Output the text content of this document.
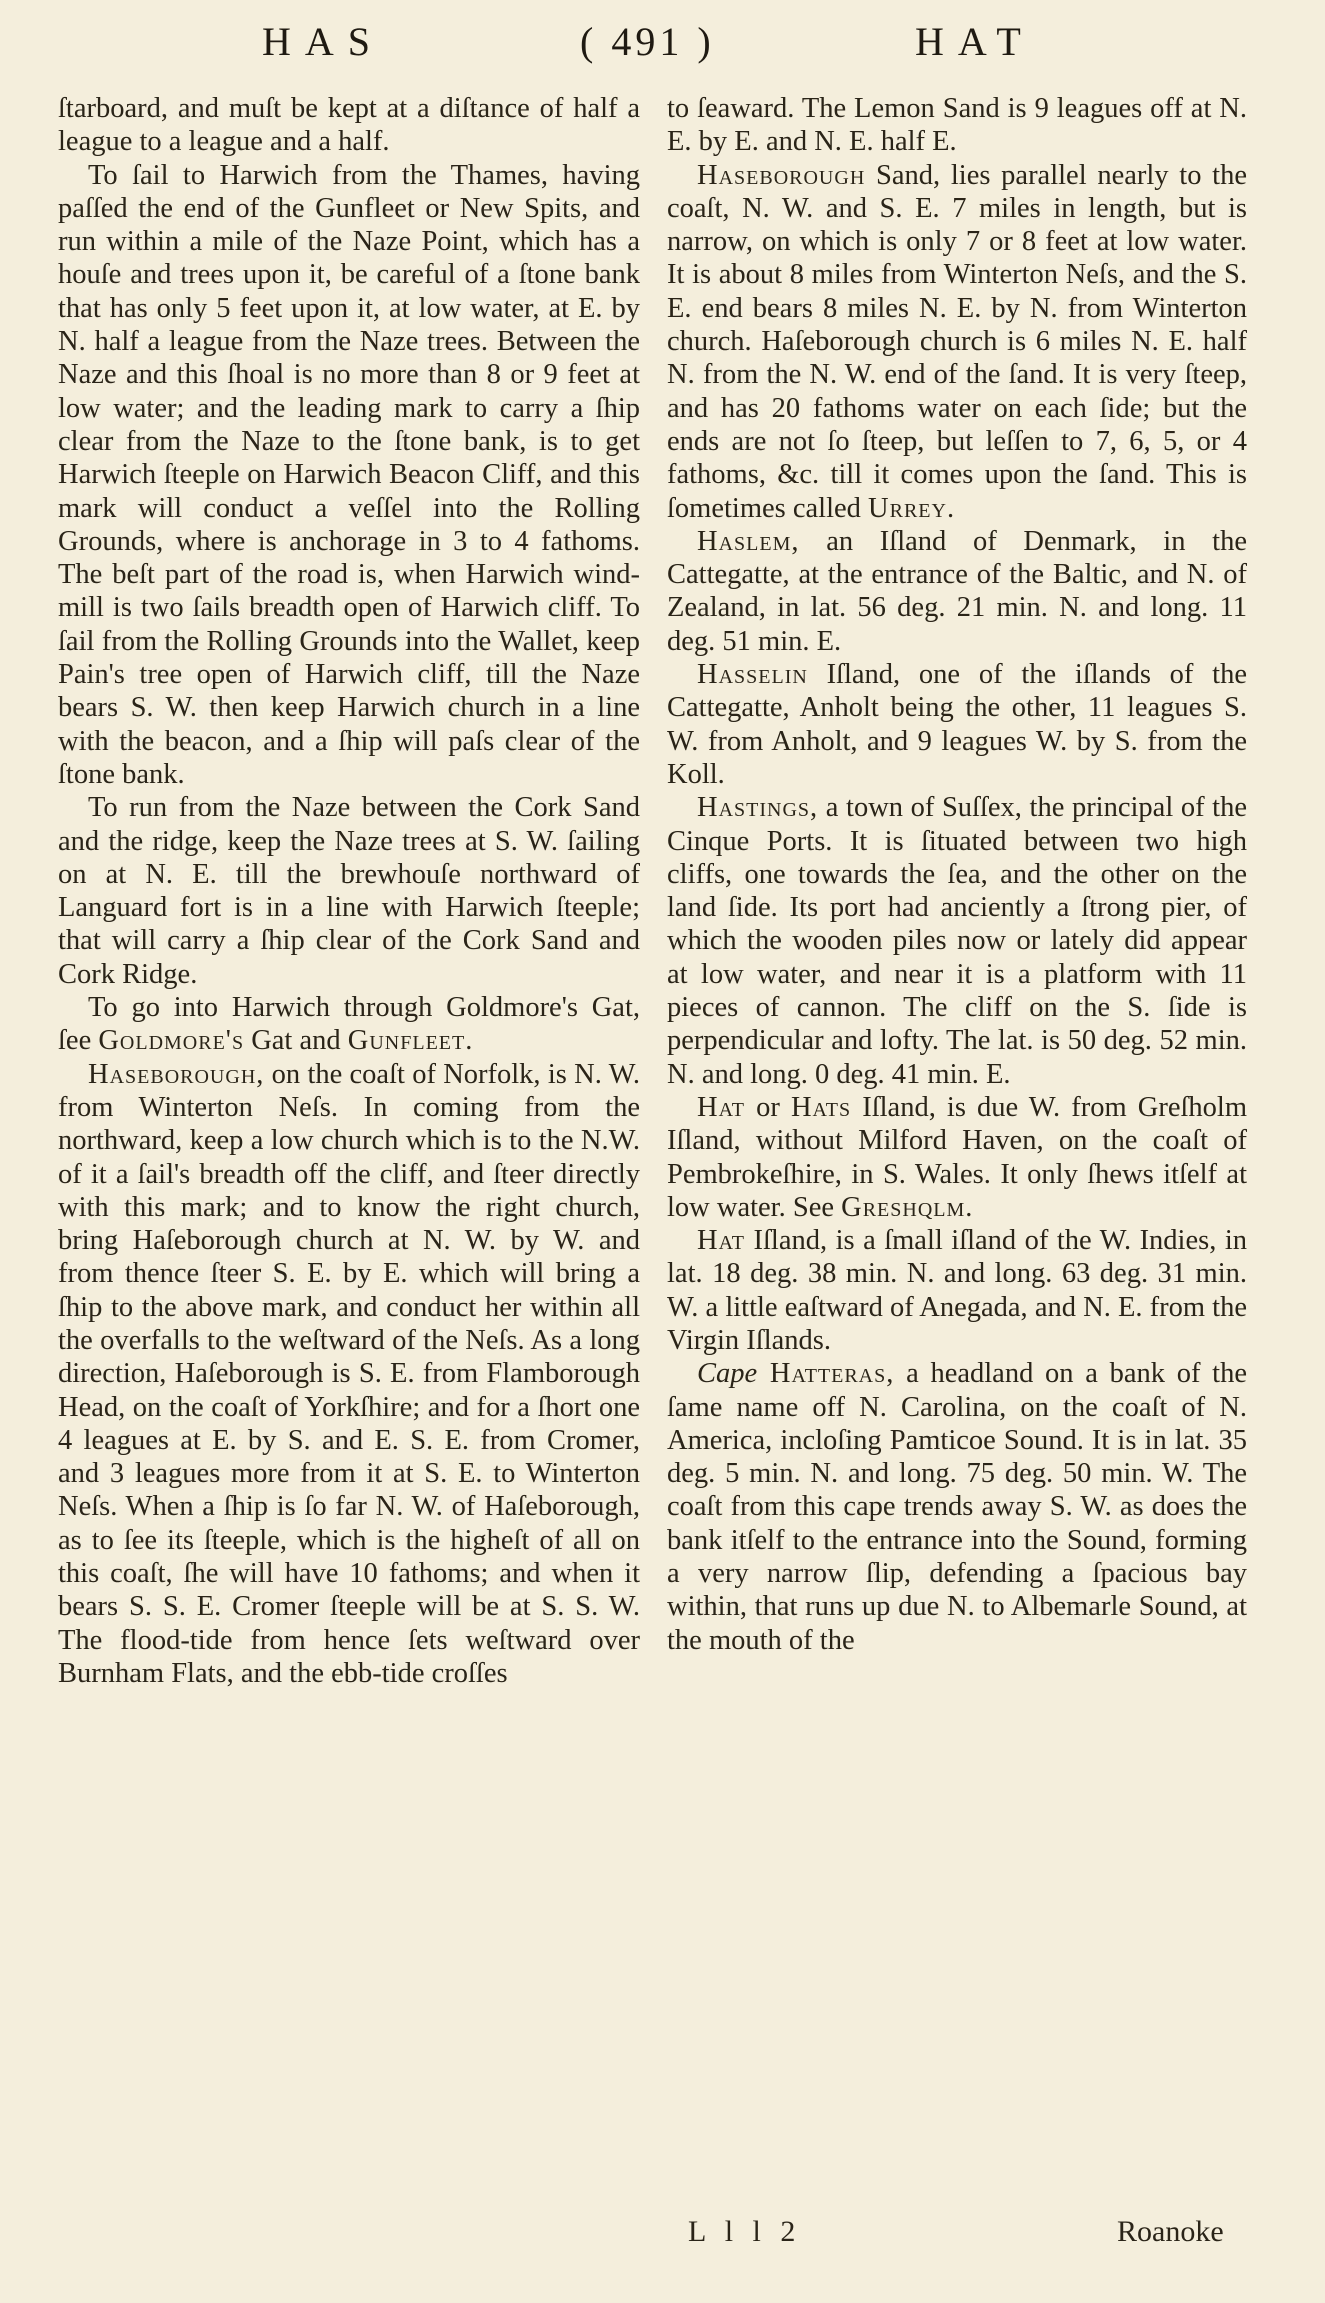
HAS	( 491 )	HAT

ſtarboard, and muſt be kept at a diſtance of half a league to a league and a half.

To ſail to Harwich from the Thames, having paſſed the end of the Gunfleet or New Spits, and run within a mile of the Naze Point, which has a houſe and trees upon it, be careful of a ſtone bank that has only 5 feet upon it, at low water, at E. by N. half a league from the Naze trees. Between the Naze and this ſhoal is no more than 8 or 9 feet at low water; and the leading mark to carry a ſhip clear from the Naze to the ſtone bank, is to get Harwich ſteeple on Harwich Beacon Cliff, and this mark will conduct a veſſel into the Rolling Grounds, where is anchorage in 3 to 4 fathoms. The beſt part of the road is, when Harwich wind-mill is two ſails breadth open of Harwich cliff. To ſail from the Rolling Grounds into the Wallet, keep Pain's tree open of Harwich cliff, till the Naze bears S. W. then keep Harwich church in a line with the beacon, and a ſhip will paſs clear of the ſtone bank.

To run from the Naze between the Cork Sand and the ridge, keep the Naze trees at S. W. ſailing on at N. E. till the brewhouſe northward of Languard fort is in a line with Harwich ſteeple; that will carry a ſhip clear of the Cork Sand and Cork Ridge.

To go into Harwich through Goldmore's Gat, ſee Goldmore's Gat and Gunfleet.

Haseborough, on the coaſt of Norfolk, is N. W. from Winterton Neſs. In coming from the northward, keep a low church which is to the N.W. of it a ſail's breadth off the cliff, and ſteer directly with this mark; and to know the right church, bring Haſeborough church at N. W. by W. and from thence ſteer S. E. by E. which will bring a ſhip to the above mark, and conduct her within all the overfalls to the weſtward of the Neſs. As a long direction, Haſeborough is S. E. from Flamborough Head, on the coaſt of Yorkſhire; and for a ſhort one 4 leagues at E. by S. and E. S. E. from Cromer, and 3 leagues more from it at S. E. to Winterton Neſs. When a ſhip is ſo far N. W. of Haſeborough, as to ſee its ſteeple, which is the higheſt of all on this coaſt, ſhe will have 10 fathoms; and when it bears S. S. E. Cromer ſteeple will be at S. S. W. The flood-tide from hence ſets weſtward over Burnham Flats, and the ebb-tide croſſes

to ſeaward. The Lemon Sand is 9 leagues off at N. E. by E. and N. E. half E.

Haseborough Sand, lies parallel nearly to the coaſt, N. W. and S. E. 7 miles in length, but is narrow, on which is only 7 or 8 feet at low water. It is about 8 miles from Winterton Neſs, and the S. E. end bears 8 miles N. E. by N. from Winterton church. Haſeborough church is 6 miles N. E. half N. from the N. W. end of the ſand. It is very ſteep, and has 20 fathoms water on each ſide; but the ends are not ſo ſteep, but leſſen to 7, 6, 5, or 4 fathoms, &c. till it comes upon the ſand. This is ſometimes called Urrey.

Haslem, an Iſland of Denmark, in the Cattegatte, at the entrance of the Baltic, and N. of Zealand, in lat. 56 deg. 21 min. N. and long. 11 deg. 51 min. E.

Hasselin Iſland, one of the iſlands of the Cattegatte, Anholt being the other, 11 leagues S. W. from Anholt, and 9 leagues W. by S. from the Koll.

Hastings, a town of Suſſex, the principal of the Cinque Ports. It is ſituated between two high cliffs, one towards the ſea, and the other on the land ſide. Its port had anciently a ſtrong pier, of which the wooden piles now or lately did appear at low water, and near it is a platform with 11 pieces of cannon. The cliff on the S. ſide is perpendicular and lofty. The lat. is 50 deg. 52 min. N. and long. 0 deg. 41 min. E.

Hat or Hats Iſland, is due W. from Greſholm Iſland, without Milford Haven, on the coaſt of Pembrokeſhire, in S. Wales. It only ſhews itſelf at low water. See Greshqlm.

Hat Iſland, is a ſmall iſland of the W. Indies, in lat. 18 deg. 38 min. N. and long. 63 deg. 31 min. W. a little eaſtward of Anegada, and N. E. from the Virgin Iſlands.

Cape Hatteras, a headland on a bank of the ſame name off N. Carolina, on the coaſt of N. America, incloſing Pamticoe Sound. It is in lat. 35 deg. 5 min. N. and long. 75 deg. 50 min. W. The coaſt from this cape trends away S. W. as does the bank itſelf to the entrance into the Sound, forming a very narrow ſlip, defending a ſpacious bay within, that runs up due N. to Albemarle Sound, at the mouth of the

L l l 2	Roanoke
